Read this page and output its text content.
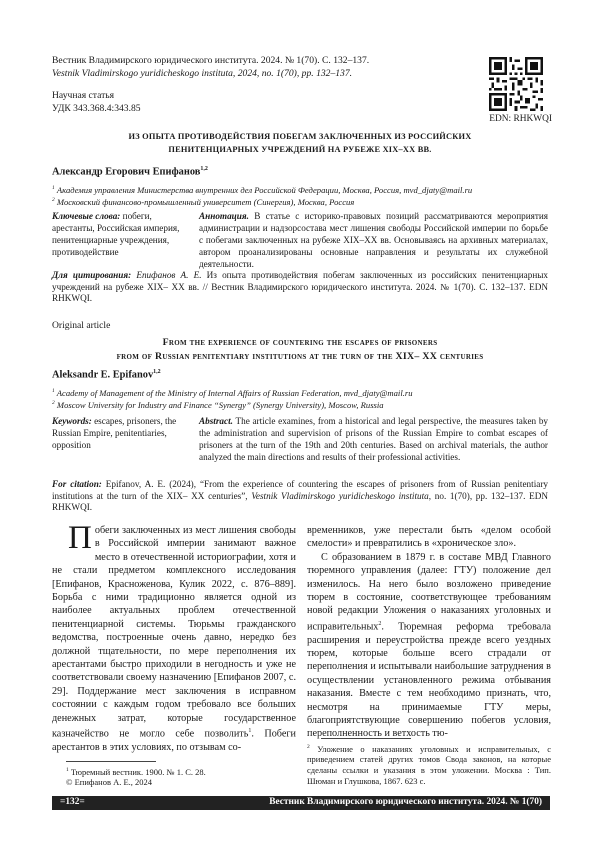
Вестник Владимирского юридического института. 2024. № 1(70). С. 132–137.
Vestnik Vladimirskogo yuridicheskogo instituta, 2024, no. 1(70), pp. 132–137.
EDN: RHKWQI
Научная статья
УДК 343.368.4:343.85
ИЗ ОПЫТА ПРОТИВОДЕЙСТВИЯ ПОБЕГАМ ЗАКЛЮЧЕННЫХ ИЗ РОССИЙСКИХ
ПЕНИТЕНЦИАРНЫХ УЧРЕЖДЕНИЙ НА РУБЕЖЕ XIX–XX ВВ.
Александр Егорович Епифанов$^{1,2}$
$^1$ Академия управления Министерства внутренних дел Российской Федерации, Москва, Россия, mvd_djaty@mail.ru
$^2$ Московский финансово-промышленный университет (Синергия), Москва, Россия
Ключевые слова: побеги, арестанты, Российская империя, пенитенциарные учреждения, противодействие
Аннотация. В статье с историко-правовых позиций рассматриваются мероприятия администрации и надзорсостава мест лишения свободы Российской империи по борьбе с побегами заключенных на рубеже XIX–XX вв. Основываясь на архивных материалах, автором проанализированы основные направления и результаты их служебной деятельности.
Для цитирования: Епифанов А. Е. Из опыта противодействия побегам заключенных из российских пенитенциарных учреждений на рубеже XIX– XX вв. // Вестник Владимирского юридического института. 2024. № 1(70). С. 132–137. EDN RHKWQI.
Original article
From the experience of countering the escapes of prisoners
from of Russian penitentiary institutions at the turn of the XIX– XX centuries
Aleksandr E. Epifanov$^{1,2}$
$^1$ Academy of Management of the Ministry of Internal Affairs of Russian Federation, mvd_djaty@mail.ru
$^2$ Moscow University for Industry and Finance “Synergy” (Synergy University), Moscow, Russia
Keywords: escapes, prisoners, the Russian Empire, penitentiaries, opposition
Abstract. The article examines, from a historical and legal perspective, the measures taken by the administration and supervision of prisons of the Russian Empire to combat escapes of prisoners at the turn of the 19th and 20th centuries. Based on archival materials, the author analyzed the main directions and results of their professional activities.
For citation: Epifanov, A. E. (2024), “From the experience of countering the escapes of prisoners from of Russian penitentiary institutions at the turn of the XIX– XX centuries”, Vestnik Vladimirskogo yuridicheskogo instituta, no. 1(70), pp. 132–137. EDN RHKWQI.

Побеги заключенных из мест лишения свободы в Российской империи занимают важное место в отечественной историографии, хотя и не стали предметом комплексного исследования [Епифанов, Красноженова, Кулик 2022, с. 876–889]. Борьба с ними традиционно является одной из наиболее актуальных проблем отечественной пенитенциарной системы. Тюрьмы гражданского ведомства, построенные очень давно, нередко без должной тщательности, по мере переполнения их арестантами быстро приходили в негодность и уже не соответствовали своему назначению [Епифанов 2007, с. 29]. Поддержание мест заключения в исправном состоянии с каждым годом требовало все больших денежных затрат, которые государственное казначейство не могло себе позволить$^1$. Побеги арестантов в этих условиях, по отзывам со-

временников, уже перестали быть «делом особой смелости» и превратились в «хроническое зло».

С образованием в 1879 г. в составе МВД Главного тюремного управления (далее: ГТУ) положение дел изменилось. На него было возложено приведение тюрем в состояние, соответствующее требованиям новой редакции Уложения о наказаниях уголовных и исправительных$^2$. Тюремная реформа требовала расширения и переустройства прежде всего уездных тюрем, которые больше всего страдали от переполнения и испытывали наибольшие затруднения в осуществлении установленного режима отбывания наказания. Вместе с тем необходимо признать, что, несмотря на принимаемые ГТУ меры, благоприятствующие совершению побегов условия, переполненность и ветхость тю-

$^1$ Тюремный вестник. 1900. № 1. С. 28.
© Епифанов А. Е., 2024
$^2$ Уложение о наказаниях уголовных и исправительных, с приведением статей других томов Свода законов, на которые сделаны ссылки и указания в этом уложении. Москва : Тип. Шюман и Глушкова, 1867. 623 с.
=132=	Вестник Владимирского юридического института. 2024. № 1(70)
